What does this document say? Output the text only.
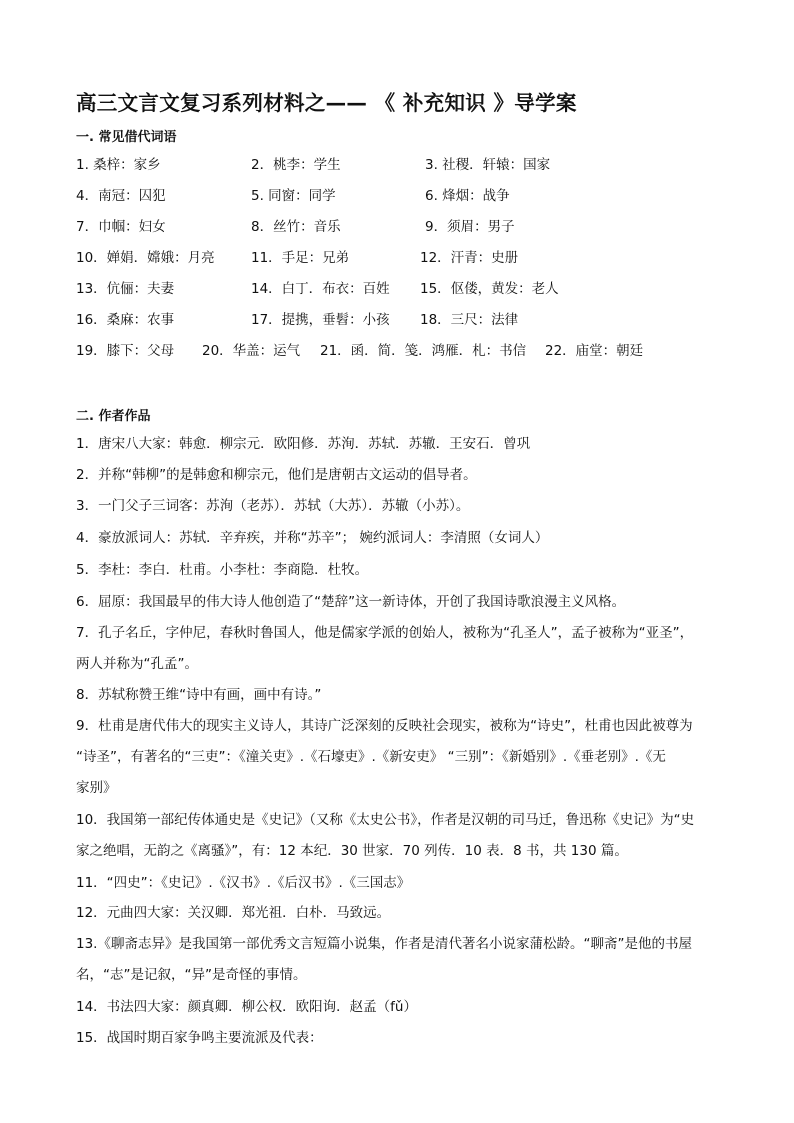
高三文言文复习系列材料之—— 《 补充知识 》导学案
一. 常见借代词语
1. 桑梓：家乡	2．桃李：学生	3. 社稷．轩辕：国家
4．南冠：囚犯	5. 同窗：同学	6. 烽烟：战争
7．巾帼：妇女	8．丝竹：音乐	9．须眉：男子
10．婵娟．嫦娥：月亮	11．手足：兄弟	12．汗青：史册
13．伉俪：夫妻	14．白丁．布衣：百姓 15．伛偻，黄发：老人
16．桑麻：农事	17．提携，垂髫：小孩 18．三尺：法律
19．膝下：父母 20．华盖：运气 21．函．简．笺．鸿雁．札：书信 22．庙堂：朝廷
二. 作者作品
1．唐宋八大家：韩愈．柳宗元．欧阳修．苏洵．苏轼．苏辙．王安石．曾巩
2．并称“韩柳”的是韩愈和柳宗元，他们是唐朝古文运动的倡导者。
3．一门父子三词客：苏洵（老苏）．苏轼（大苏）．苏辙（小苏）。
4．豪放派词人：苏轼．辛弃疾，并称“苏辛”； 婉约派词人：李清照（女词人）
5．李杜：李白．杜甫。小李杜：李商隐．杜牧。
6．屈原：我国最早的伟大诗人他创造了“楚辞”这一新诗体，开创了我国诗歌浪漫主义风格。
7．孔子名丘，字仲尼，春秋时鲁国人，他是儒家学派的创始人，被称为“孔圣人”，孟子被称为“亚圣”，
两人并称为“孔孟”。
8．苏轼称赞王维“诗中有画，画中有诗。”
9．杜甫是唐代伟大的现实主义诗人，其诗广泛深刻的反映社会现实，被称为“诗史”，杜甫也因此被尊为
“诗圣”，有著名的“三吏”：《潼关吏》.《石壕吏》.《新安吏》 “三别”：《新婚别》.《垂老别》.《无
家别》
10．我国第一部纪传体通史是《史记》（又称《太史公书》，作者是汉朝的司马迁，鲁迅称《史记》为“史
家之绝唱，无韵之《离骚》”，有：12 本纪．30 世家．70 列传．10 表．8 书，共 130 篇。
11．“四史”：《史记》.《汉书》.《后汉书》.《三国志》
12．元曲四大家：关汉卿．郑光祖．白朴．马致远。
13.《聊斋志异》是我国第一部优秀文言短篇小说集，作者是清代著名小说家蒲松龄。“聊斋”是他的书屋
名，“志”是记叙，“异”是奇怪的事情。
14．书法四大家：颜真卿．柳公权．欧阳询．赵孟（fǔ）
15．战国时期百家争鸣主要流派及代表：
